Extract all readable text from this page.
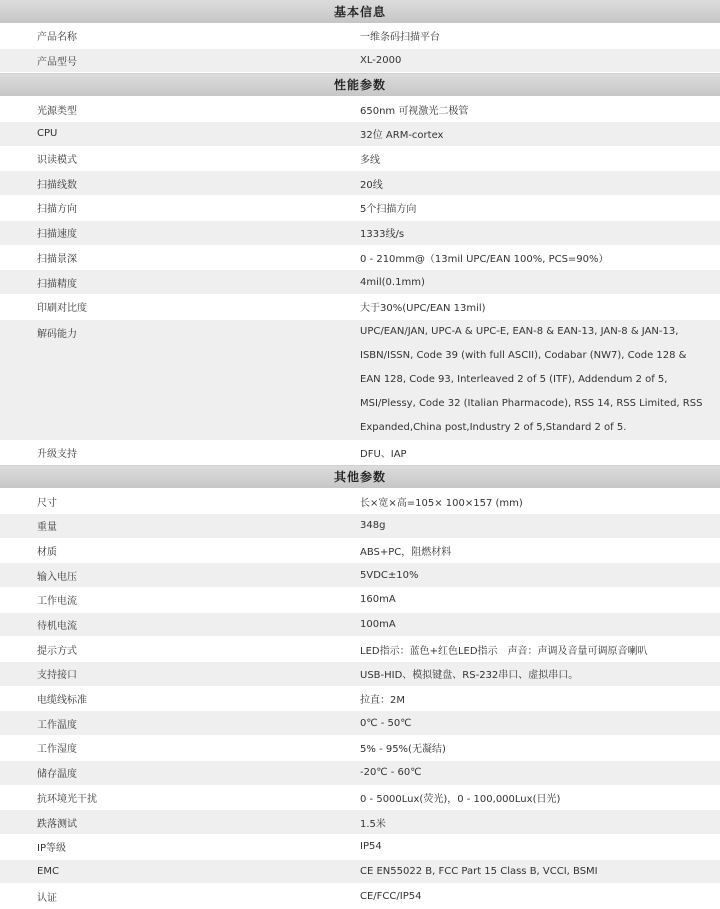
基本信息	
产品名称	一维条码扫描平台
产品型号	XL-2000
性能参数	
光源类型	650nm 可视激光二极管
CPU	32位 ARM-cortex
识读模式	多线
扫描线数	20线
扫描方向	5个扫描方向
扫描速度	1333线/s
扫描景深	0 - 210mm@（13mil UPC/EAN 100%, PCS=90%）
扫描精度	4mil(0.1mm)
印刷对比度	大于30%(UPC/EAN 13mil)
解码能力	UPC/EAN/JAN, UPC-A & UPC-E, EAN-8 & EAN-13, JAN-8 & JAN-13, ISBN/ISSN, Code 39 (with full ASCII), Codabar (NW7), Code 128 & EAN 128, Code 93, Interleaved 2 of 5 (ITF), Addendum 2 of 5, MSI/Plessy, Code 32 (Italian Pharmacode), RSS 14, RSS Limited, RSS Expanded,China post,Industry 2 of 5,Standard 2 of 5.
升级支持	DFU、IAP
其他参数	
尺寸	长×宽×高=105× 100×157 (mm)
重量	348g
材质	ABS+PC，阻燃材料
输入电压	5VDC±10%
工作电流	160mA
待机电流	100mA
提示方式	LED指示：蓝色+红色LED指示　声音：声调及音量可调原音喇叭
支持接口	USB-HID、模拟键盘、RS-232串口、虚拟串口。
电缆线标准	拉直：2M
工作温度	0℃ - 50℃
工作湿度	5% - 95%(无凝结)
储存温度	-20℃ - 60℃
抗环境光干扰	0 - 5000Lux(荧光)，0 - 100,000Lux(日光)
跌落测试	1.5米
IP等级	IP54
EMC	CE EN55022 B, FCC Part 15 Class B, VCCI, BSMI
认证	CE/FCC/IP54
